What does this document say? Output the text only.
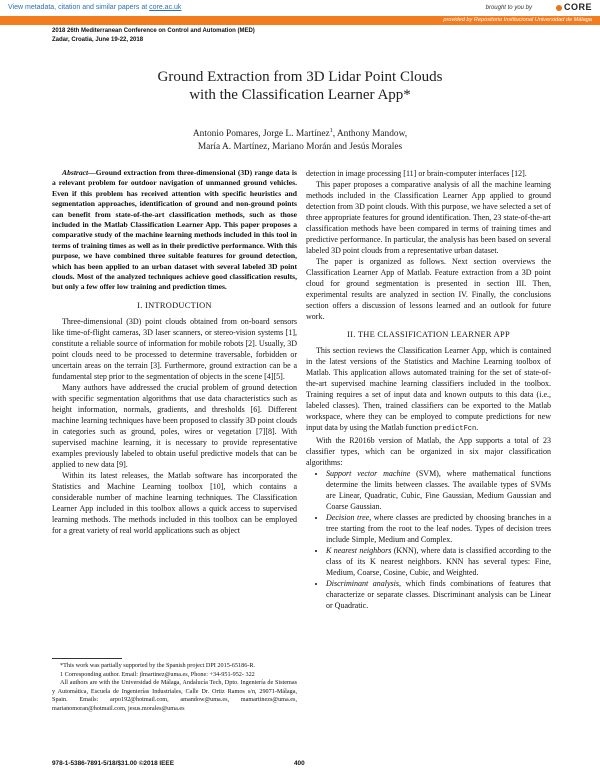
View metadata, citation and similar papers at core.ac.uk	brought to you by	CORE
provided by Repositorio Institucional Universidad de Málaga
2018 26th Mediterranean Conference on Control and Automation (MED)
Zadar, Croatia, June 19-22, 2018
Ground Extraction from 3D Lidar Point Clouds
with the Classification Learner App*
Antonio Pomares, Jorge L. Martínez$^1$, Anthony Mandow,
María A. Martínez, Mariano Morán and Jesús Morales

Abstract—Ground extraction from three-dimensional (3D) range data is a relevant problem for outdoor navigation of unmanned ground vehicles. Even if this problem has received attention with specific heuristics and segmentation approaches, identification of ground and non-ground points can benefit from state-of-the-art classification methods, such as those included in the Matlab Classification Learner App. This paper proposes a comparative study of the machine learning methods included in this tool in terms of training times as well as in their predictive performance. With this purpose, we have combined three suitable features for ground detection, which has been applied to an urban dataset with several labeled 3D point clouds. Most of the analyzed techniques achieve good classification results, but only a few offer low training and prediction times.

I. INTRODUCTION

Three-dimensional (3D) point clouds obtained from on-board sensors like time-of-flight cameras, 3D laser scanners, or stereo-vision systems [1], constitute a reliable source of information for mobile robots [2]. Usually, 3D point clouds need to be processed to determine traversable, forbidden or uncertain areas on the terrain [3]. Furthermore, ground extraction can be a fundamental step prior to the segmentation of objects in the scene [4][5].

Many authors have addressed the crucial problem of ground detection with specific segmentation algorithms that use data characteristics such as height information, normals, gradients, and thresholds [6]. Different machine learning techniques have been proposed to classify 3D point clouds in categories such as ground, poles, wires or vegetation [7][8]. With supervised machine learning, it is necessary to provide representative examples previously labeled to obtain useful predictive models that can be applied to new data [9].

Within its latest releases, the Matlab software has incorporated the Statistics and Machine Learning toolbox [10], which contains a considerable number of machine learning techniques. The Classification Learner App included in this toolbox allows a quick access to supervised learning methods. The methods included in this toolbox can be employed for a great variety of real world applications such as object

detection in image processing [11] or brain-computer interfaces [12].

This paper proposes a comparative analysis of all the machine learning methods included in the Classification Learner App applied to ground detection from 3D point clouds. With this purpose, we have selected a set of three appropriate features for ground identification. Then, 23 state-of-the-art classification methods have been compared in terms of training times and predictive performance. In particular, the analysis has been based on several labeled 3D point clouds from a representative urban dataset.

The paper is organized as follows. Next section overviews the Classification Learner App of Matlab. Feature extraction from a 3D point cloud for ground segmentation is presented in section III. Then, experimental results are analyzed in section IV. Finally, the conclusions section offers a discussion of lessons learned and an outlook for future work.

II. THE CLASSIFICATION LEARNER APP

This section reviews the Classification Learner App, which is contained in the latest versions of the Statistics and Machine Learning toolbox of Matlab. This application allows automated training for the set of state-of-the-art supervised machine learning classifiers included in the toolbox. Training requires a set of input data and known outputs to this data (i.e., labeled classes). Then, trained classifiers can be exported to the Matlab workspace, where they can be employed to compute predictions for new input data by using the Matlab function predictFcn.

With the R2016b version of Matlab, the App supports a total of 23 classifier types, which can be organized in six major classification algorithms:

• Support vector machine (SVM), where mathematical functions determine the limits between classes. The available types of SVMs are Linear, Quadratic, Cubic, Fine Gaussian, Medium Gaussian and Coarse Gaussian.
• Decision tree, where classes are predicted by choosing branches in a tree starting from the root to the leaf nodes. Types of decision trees include Simple, Medium and Complex.
• K nearest neighbors (KNN), where data is classified according to the class of its K nearest neighbors. KNN has several types: Fine, Medium, Coarse, Cosine, Cubic, and Weighted.
• Discriminant analysis, which finds combinations of features that characterize or separate classes. Discriminant analysis can be Linear or Quadratic.

*This work was partially supported by the Spanish project DPI 2015-65186-R.

1 Corresponding author. Email: jlmartinez@uma.es, Phone: +34-951-952- 322

All authors are with the Universidad de Málaga, Andalucía Tech, Dpto. Ingeniería de Sistemas y Automática, Escuela de Ingenierías Industriales, Calle Dr. Ortiz Ramos s/n, 29071-Málaga, Spain. Emails: arpo192@hotmail.com, amandow@uma.es, mamartinezs@uma.es, marianomoran@hotmail.com, jesus.morales@uma.es

978-1-5386-7891-5/18/$31.00 ©2018 IEEE	400
